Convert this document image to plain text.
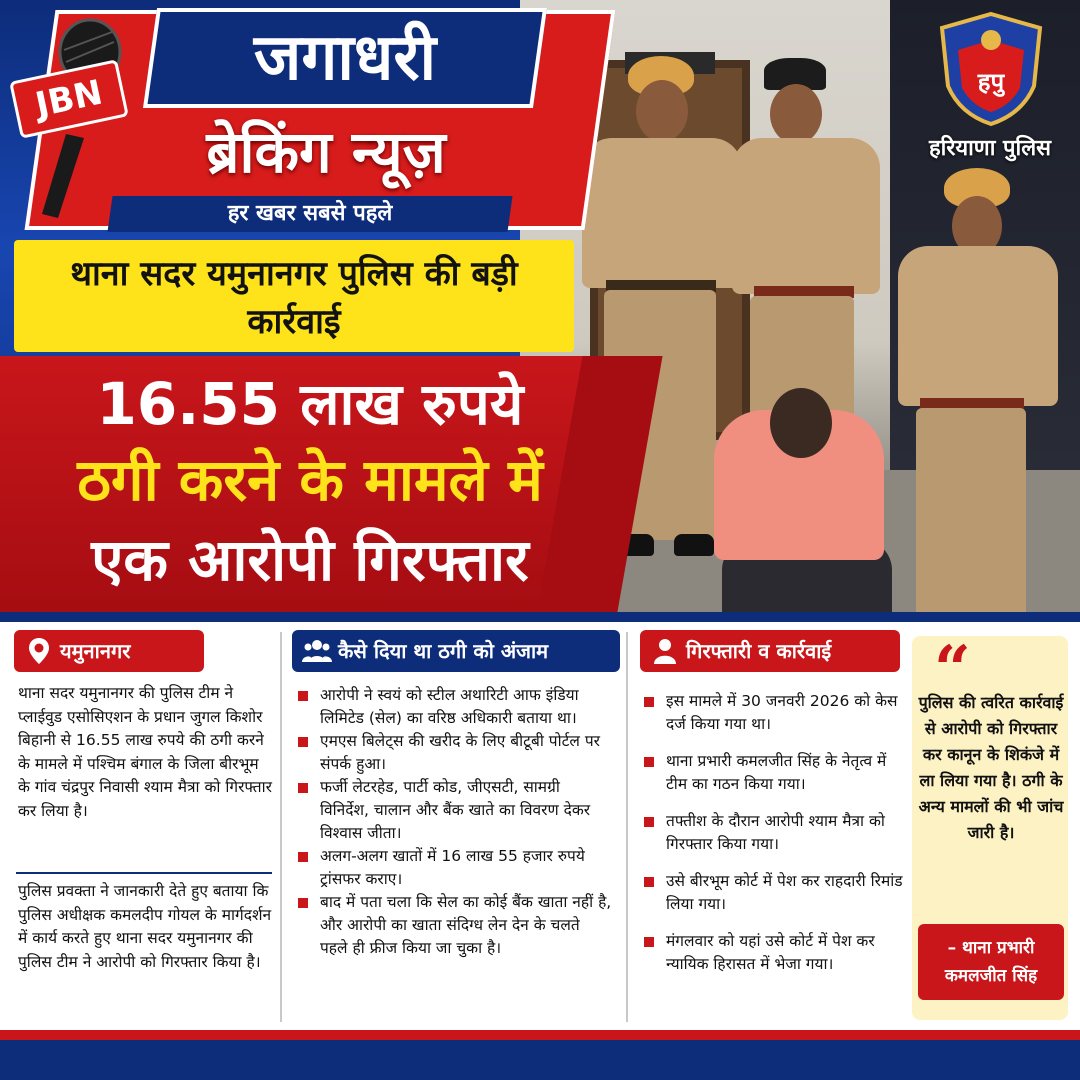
हपु
हरियाणा पुलिस
जगाधरी
ब्रेकिंग न्यूज़
हर खबर सबसे पहले
JBN
थाना सदर यमुनानगर पुलिस की बड़ी कार्रवाई
16.55 लाख रुपये
ठगी करने के मामले में
एक आरोपी गिरफ्तार
यमुनानगर
थाना सदर यमुनानगर की पुलिस टीम ने प्लाईवुड एसोसिएशन के प्रधान जुगल किशोर बिहानी से 16.55 लाख रुपये की ठगी करने के मामले में पश्चिम बंगाल के जिला बीरभूम के गांव चंद्रपुर निवासी श्याम मैत्रा को गिरफ्तार कर लिया है।
पुलिस प्रवक्ता ने जानकारी देते हुए बताया कि पुलिस अधीक्षक कमलदीप गोयल के मार्गदर्शन में कार्य करते हुए थाना सदर यमुनानगर की पुलिस टीम ने आरोपी को गिरफ्तार किया है।
कैसे दिया था ठगी को अंजाम
आरोपी ने स्वयं को स्टील अथारिटी आफ इंडिया लिमिटेड (सेल) का वरिष्ठ अधिकारी बताया था।
एमएस बिलेट्स की खरीद के लिए बीटूबी पोर्टल पर संपर्क हुआ।
फर्जी लेटरहेड, पार्टी कोड, जीएसटी, सामग्री विनिर्देश, चालान और बैंक खाते का विवरण देकर विश्वास जीता।
अलग-अलग खातों में 16 लाख 55 हजार रुपये ट्रांसफर कराए।
बाद में पता चला कि सेल का कोई बैंक खाता नहीं है, और आरोपी का खाता संदिग्ध लेन देन के चलते पहले ही फ्रीज किया जा चुका है।
गिरफ्तारी व कार्रवाई
इस मामले में 30 जनवरी 2026 को केस दर्ज किया गया था।
थाना प्रभारी कमलजीत सिंह के नेतृत्व में टीम का गठन किया गया।
तफ्तीश के दौरान आरोपी श्याम मैत्रा को गिरफ्तार किया गया।
उसे बीरभूम कोर्ट में पेश कर राहदारी रिमांड लिया गया।
मंगलवार को यहां उसे कोर्ट में पेश कर न्यायिक हिरासत में भेजा गया।
“
पुलिस की त्वरित कार्रवाई से आरोपी को गिरफ्तार कर कानून के शिकंजे में ला लिया गया है। ठगी के अन्य मामलों की भी जांच जारी है।
– थाना प्रभारी
कमलजीत सिंह
